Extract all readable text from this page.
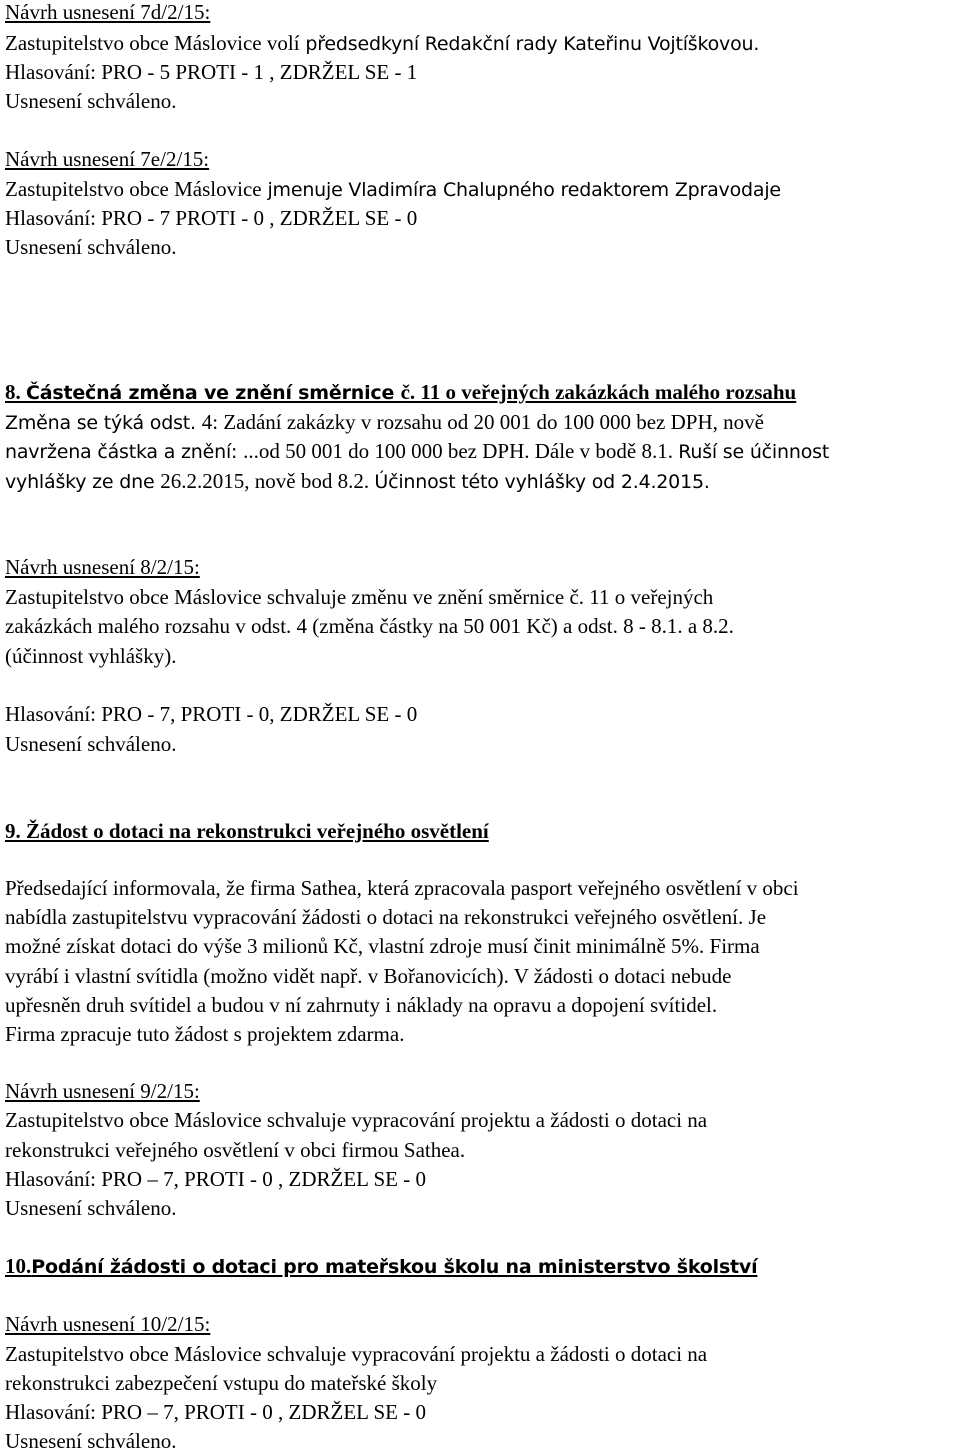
Návrh usnesení 7d/2/15:
Zastupitelstvo obce Máslovice volí předsedkyní Redakční rady Kateřinu Vojtíškovou.
Hlasování: PRO - 5 PROTI - 1 , ZDRŽEL SE - 1
Usnesení schváleno.
Návrh usnesení 7e/2/15:
Zastupitelstvo obce Máslovice jmenuje Vladimíra Chalupného redaktorem Zpravodaje
Hlasování: PRO - 7 PROTI - 0 , ZDRŽEL SE - 0
Usnesení schváleno.
8. Částečná změna ve znění směrnice č. 11 o veřejných zakázkách malého rozsahu
Změna se týká odst. 4: Zadání zakázky v rozsahu od 20 001 do 100 000 bez DPH, nově
navržena částka a znění: ...od 50 001 do 100 000 bez DPH. Dále v bodě 8.1. Ruší se účinnost
vyhlášky ze dne 26.2.2015, nově bod 8.2. Účinnost této vyhlášky od 2.4.2015.
Návrh usnesení 8/2/15:
Zastupitelstvo obce Máslovice schvaluje změnu ve znění směrnice č. 11 o veřejných
zakázkách malého rozsahu v odst. 4 (změna částky na 50 001 Kč) a odst. 8 - 8.1. a 8.2.
(účinnost vyhlášky).
Hlasování: PRO - 7, PROTI - 0, ZDRŽEL SE - 0
Usnesení schváleno.
9. Žádost o dotaci na rekonstrukci veřejného osvětlení
Předsedající informovala, že firma Sathea, která zpracovala pasport veřejného osvětlení v obci
nabídla zastupitelstvu vypracování žádosti o dotaci na rekonstrukci veřejného osvětlení. Je
možné získat dotaci do výše 3 milionů Kč, vlastní zdroje musí činit minimálně 5%. Firma
vyrábí i vlastní svítidla (možno vidět např. v Bořanovicích). V žádosti o dotaci nebude
upřesněn druh svítidel a budou v ní zahrnuty i náklady na opravu a dopojení svítidel.
Firma zpracuje tuto žádost s projektem zdarma.
Návrh usnesení 9/2/15:
Zastupitelstvo obce Máslovice schvaluje vypracování projektu a žádosti o dotaci na
rekonstrukci veřejného osvětlení v obci firmou Sathea.
Hlasování: PRO – 7, PROTI - 0 , ZDRŽEL SE - 0
Usnesení schváleno.
10.Podání žádosti o dotaci pro mateřskou školu na ministerstvo školství
Návrh usnesení 10/2/15:
Zastupitelstvo obce Máslovice schvaluje vypracování projektu a žádosti o dotaci na
rekonstrukci zabezpečení vstupu do mateřské školy
Hlasování: PRO – 7, PROTI - 0 , ZDRŽEL SE - 0
Usnesení schváleno.
